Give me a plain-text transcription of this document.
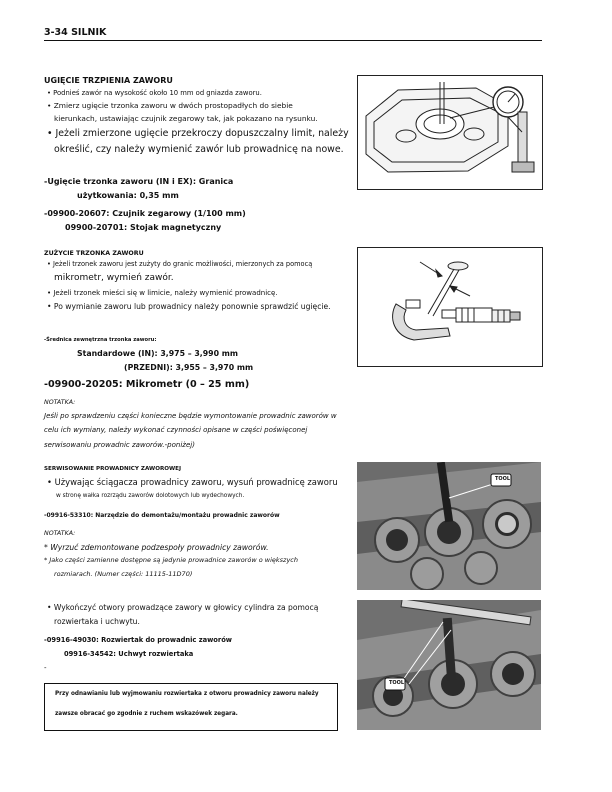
3-34 SILNIK
UGIĘCIE TRZPIENIA ZAWORU
• Podnieś zawór na wysokość około 10 mm od gniazda zaworu.
• Zmierz ugięcie trzonka zaworu w dwóch prostopadłych do siebie
kierunkach, ustawiając czujnik zegarowy tak, jak pokazano na rysunku.
• Jeżeli zmierzone ugięcie przekroczy dopuszczalny limit, należy
określić, czy należy wymienić zawór lub prowadnicę na nowe.
-Ugięcie trzonka zaworu (IN i EX): Granica
użytkowania: 0,35 mm
-09900-20607: Czujnik zegarowy (1/100 mm)
09900-20701: Stojak magnetyczny
ZUŻYCIE TRZONKA ZAWORU
• Jeżeli trzonek zaworu jest zużyty do granic możliwości, mierzonych za pomocą
mikrometr, wymień zawór.
• Jeżeli trzonek mieści się w limicie, należy wymienić prowadnicę.
• Po wymianie zaworu lub prowadnicy należy ponownie sprawdzić ugięcie.
-Średnica zewnętrzna trzonka zaworu:
Standardowe (IN): 3,975 – 3,990 mm
(PRZEDNI): 3,955 – 3,970 mm
-09900-20205: Mikrometr (0 – 25 mm)
NOTATKA:
Jeśli po sprawdzeniu części konieczne będzie wymontowanie prowadnic zaworów w
celu ich wymiany, należy wykonać czynności opisane w części poświęconej
serwisowaniu prowadnic zaworów.-poniżej)
SERWISOWANIE PROWADNICY ZAWOROWEJ
• Używając ściągacza prowadnicy zaworu, wysuń prowadnicę zaworu
w stronę wałka rozrządu zaworów dolotowych lub wydechowych.
-09916-53310: Narzędzie do demontażu/montażu prowadnic zaworów
NOTATKA:
* Wyrzuć zdemontowane podzespoły prowadnicy zaworów.
* Jako części zamienne dostępne są jedynie prowadnice zaworów o większych
rozmiarach. (Numer części: 11115-11D70)
• Wykończyć otwory prowadzące zawory w głowicy cylindra za pomocą
rozwiertaka i uchwytu.
-09916-49030: Rozwiertak do prowadnic zaworów
09916-34542: Uchwyt rozwiertaka
-
Przy odnawianiu lub wyjmowaniu rozwiertaka z otworu prowadnicy zaworu należy
zawsze obracać go zgodnie z ruchem wskazówek zegara.
TOOL
TOOL
